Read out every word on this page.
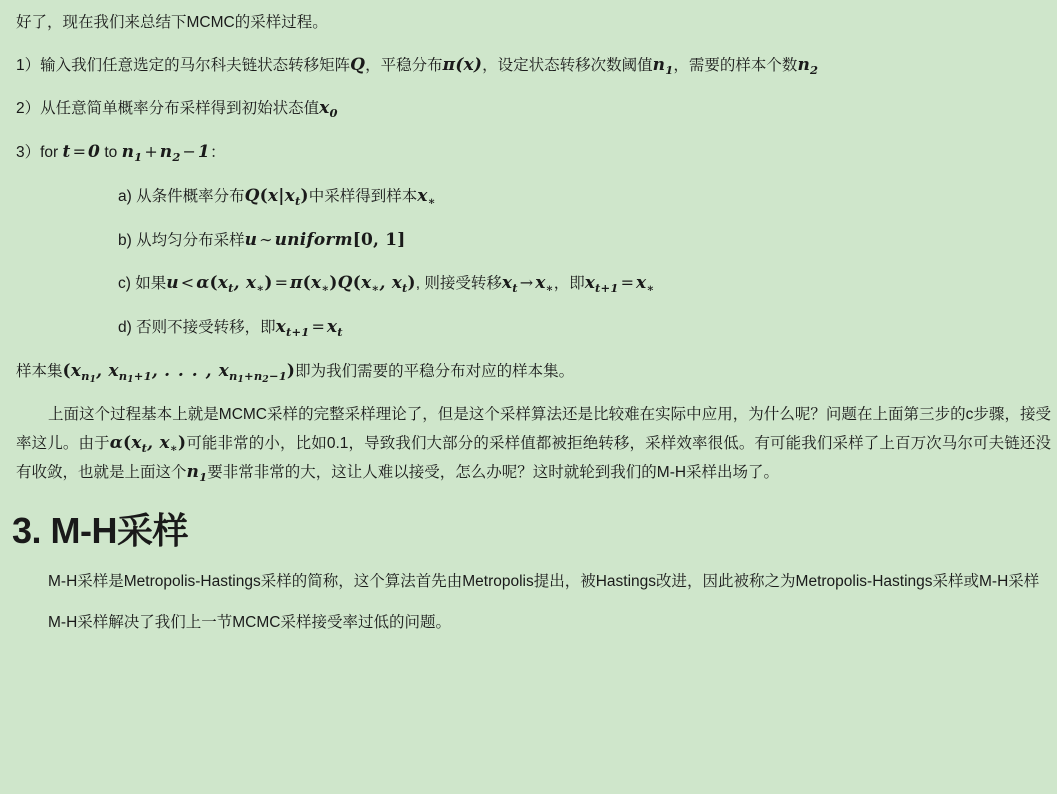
好了，现在我们来总结下MCMC的采样过程。

1）输入我们任意选定的马尔科夫链状态转移矩阵Q，平稳分布π(x)，设定状态转移次数阈值$n_1$，需要的样本个数$n_2$

2）从任意简单概率分布采样得到初始状态值$x_0$

3）for t = 0 to $n_1 + n_2 - 1$：

a) 从条件概率分布$Q(x|x_t)$中采样得到样本$x_∗$

b) 从均匀分布采样u ∼ uniform[0, 1]

c) 如果$u < \alpha(x_t$, $x_∗) = \pi(x_∗)Q(x_∗$, $x_t$), 则接受转移$x_t \to x_∗$，即$x_{t+1} = x_∗$

d) 否则不接受转移，即$x_{t+1} = x_t$

样本集($x_{n1}$, $x_{n1+1}$, . . . , $x_{n1+n2-1}$)即为我们需要的平稳分布对应的样本集。

上面这个过程基本上就是MCMC采样的完整采样理论了，但是这个采样算法还是比较难在实际中应用，为什么呢？问题在上面第三步的c步骤，接受率这儿。由于$\alpha(x_t$, $x_∗$)可能非常的小，比如0.1，导致我们大部分的采样值都被拒绝转移，采样效率很低。有可能我们采样了上百万次马尔可夫链还没有收敛，也就是上面这个$n_1$要非常非常的大，这让人难以接受，怎么办呢？这时就轮到我们的M-H采样出场了。

3. M-H采样

M-H采样是Metropolis-Hastings采样的简称，这个算法首先由Metropolis提出，被Hastings改进，因此被称之为Metropolis-Hastings采样或M-H采样

M-H采样解决了我们上一节MCMC采样接受率过低的问题。
